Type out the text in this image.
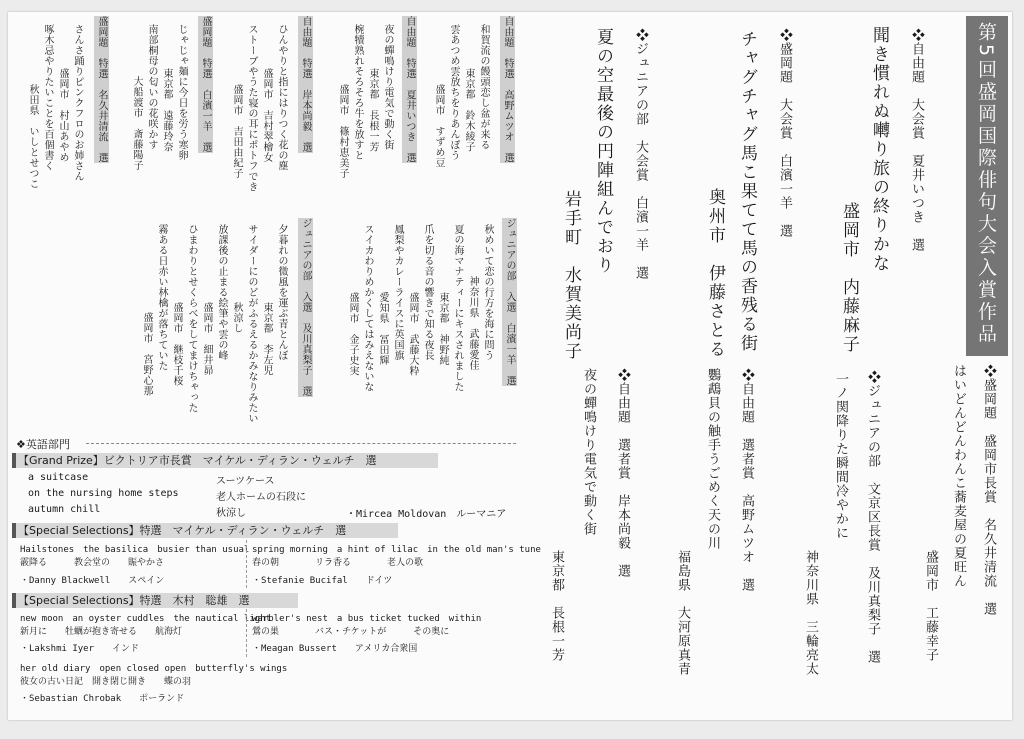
第5回盛岡国際俳句大会入賞作品
❖自由題　大会賞　夏井いつき　選
聞き慣れぬ囀り旅の終りかな
盛岡市　内藤麻子
❖盛岡題　大会賞　白濱一羊　選
チャグチャグ馬こ果てて馬の香残る街
奥州市　伊藤さとる
❖ジュニアの部　大会賞　白濱一羊　選
夏の空最後の円陣組んでおり
岩手町　水賀美尚子
❖盛岡題　盛岡市長賞　名久井清流　選
はいどんどんわんこ蕎麦屋の夏旺ん
盛岡市　工藤幸子
❖ジュニアの部　文京区長賞　及川真梨子　選
一ノ関降りた瞬間冷やかに
神奈川県　三輪亮太
❖自由題　選者賞　高野ムツオ　選
鸚鵡貝の触手うごめく天の川
福島県　大河原真青
❖自由題　選者賞　岸本尚毅　選
夜の蟬鳴けり電気で動く街
東京都　長根一芳
自由題　特選　高野ムツオ　選
和賀流の饅頭恋し盆が来る
東京都　鈴木綾子
雲あつめ雲放ちをりあんぽう
盛岡市　すずめ豆
自由題　特選　夏井いつき　選
夜の蟬鳴けり電気で動く街
東京都　長根一芳
椀犢熟れそろそろ牛を放すと
盛岡市　篠村恵美子
自由題　特選　岸本尚毅　選
ひんやりと指にはりつく花の塵
盛岡市　吉村翠檜女
ストーブやうた寝の耳にポトフでき
盛岡市　吉田由紀子
盛岡題　特選　白濱一羊　選
じゃじゃ麺に今日を労う寒卵
東京都　遠藤玲奈
南部桐母の匂いの花咲かす
大船渡市　斎藤陽子
盛岡題　特選　名久井清流　選
さんさ踊りピンクフロのお姉さん
盛岡市　村山あやめ
啄木忌やりたいことを百個書く
秋田県　いしとせつこ
ジュニアの部　入選　白濱一羊　選
秋めいて恋の行方を海に問う
神奈川県　武藤愛佳
夏の海マナティーにキスされました
東京都　神野純
爪を切る音の響きで知る夜長
盛岡市　武藤大粋
鳳梨やカレーライスに英国旗
愛知県　冨田輝
スイカわりめかくしてはみえないな
盛岡市　金子史実
ジュニアの部　入選　及川真梨子　選
夕暮れの微風を運ぶ青とんぼ
東京都　李左児
サイダーにのどがふるえるかみなりみたい
秋涼し
放課後の止まる絵筆や雲の峰
盛岡市　細井昴
ひまわりとせくらべをしてまけちゃった
盛岡市　継枝千桜
霧ある日赤い林檎が落ちていた
盛岡市　宮野心那
❖英語部門
【Grand Prize】ビクトリア市長賞　マイケル・ディラン・ウェルチ　選
a suitcase
on the nursing home steps
autumn chill
スーツケース
老人ホームの石段に
秋涼し	・Mircea Moldovan　ルーマニア
【Special Selections】特選　マイケル・ディラン・ウェルチ　選
Hailstones　the basilica　busier than usual
霰降る　　　教会堂の　　賑やかさ
・Danny Blackwell　　スペイン
spring morning　a hint of lilac　in the old man's tune
春の朝　　　　リラ香る　　　　老人の歌
・Stefanie Bucifal　　ドイツ
【Special Selections】特選　木村　聡雄　選
new moon　an oyster cuddles　the nautical light
新月に　　牡蠣が抱き寄せる　　航海灯
・Lakshmi Iyer　　インド
warbler's nest　a bus ticket tucked　within
鶯の巣　　　　バス・チケットが　　　その奥に
・Meagan Bussert　　アメリカ合衆国
her old diary　open closed open　butterfly's wings
彼女の古い日記　開き閉じ開き　　蝶の羽
・Sebastian Chrobak　　ポーランド
